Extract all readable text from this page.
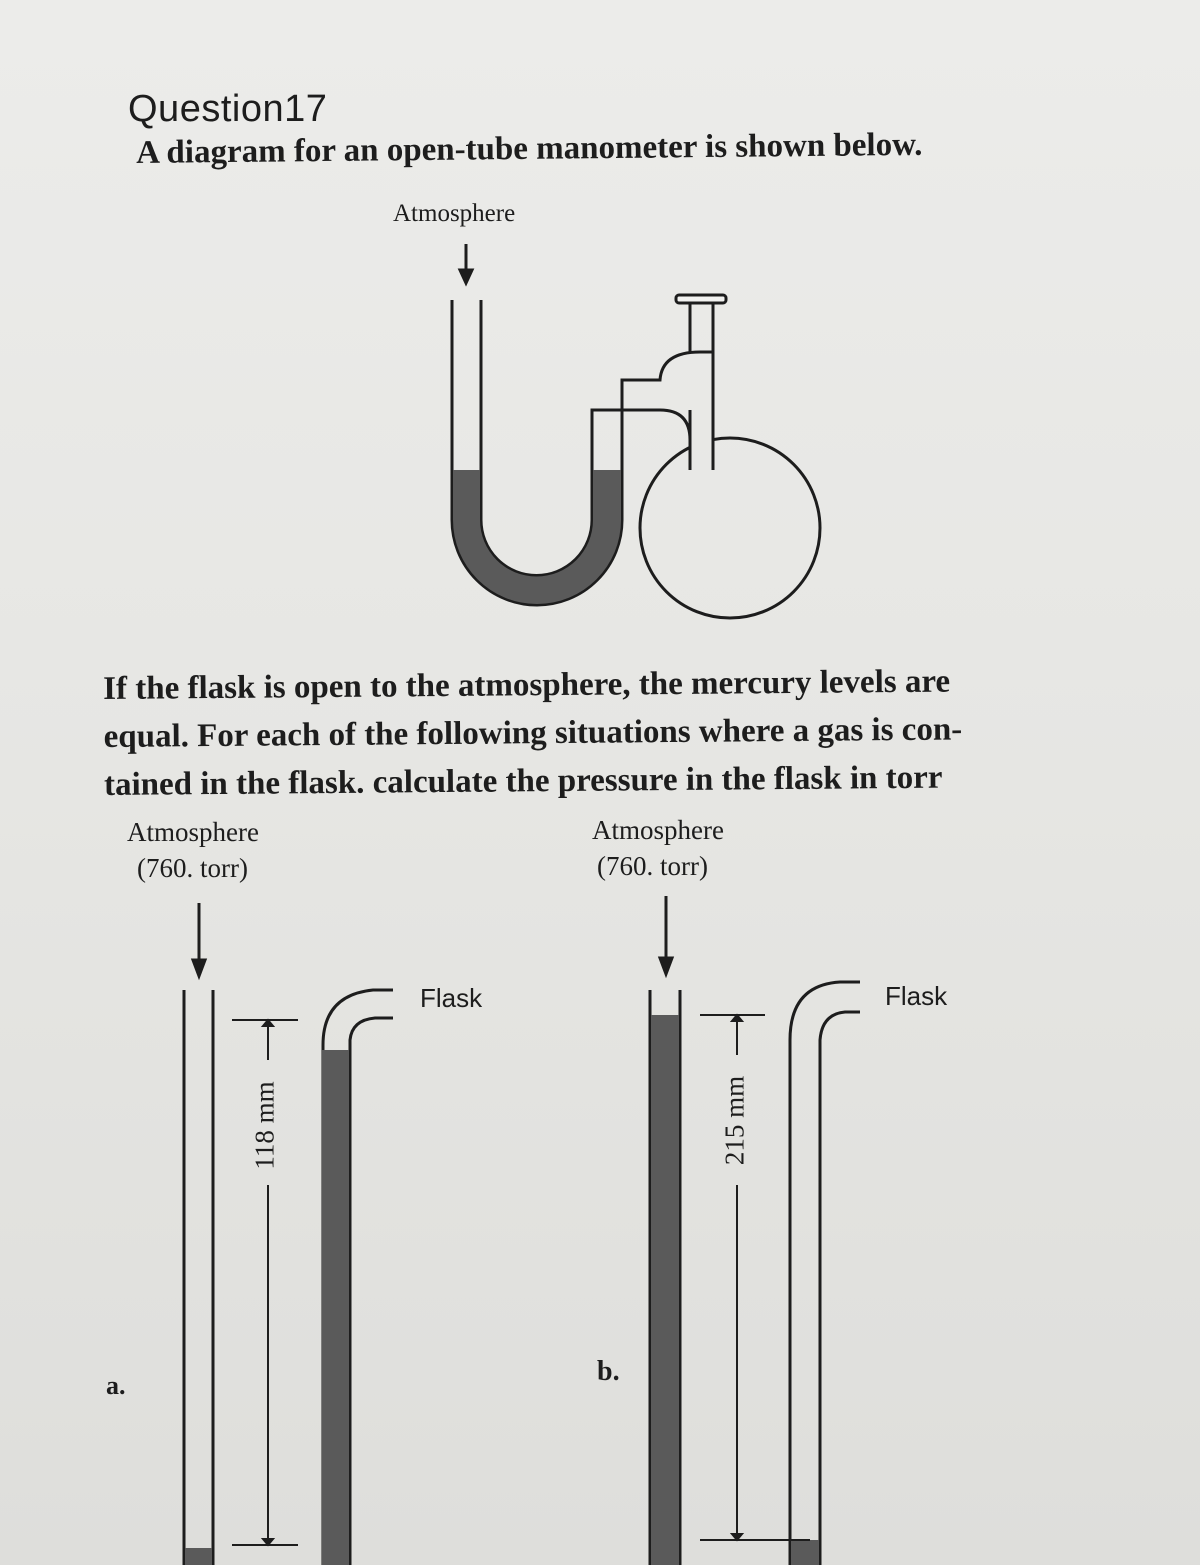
Question17
A diagram for an open-tube manometer is shown below.
Atmosphere
If the flask is open to the atmosphere, the mercury levels are
equal. For each of the following situations where a gas is con-
tained in the flask. calculate the pressure in the flask in torr
Atmosphere
(760. torr)
Atmosphere
(760. torr)
Flask	Flask
118 mm	215 mm
a.	b.
